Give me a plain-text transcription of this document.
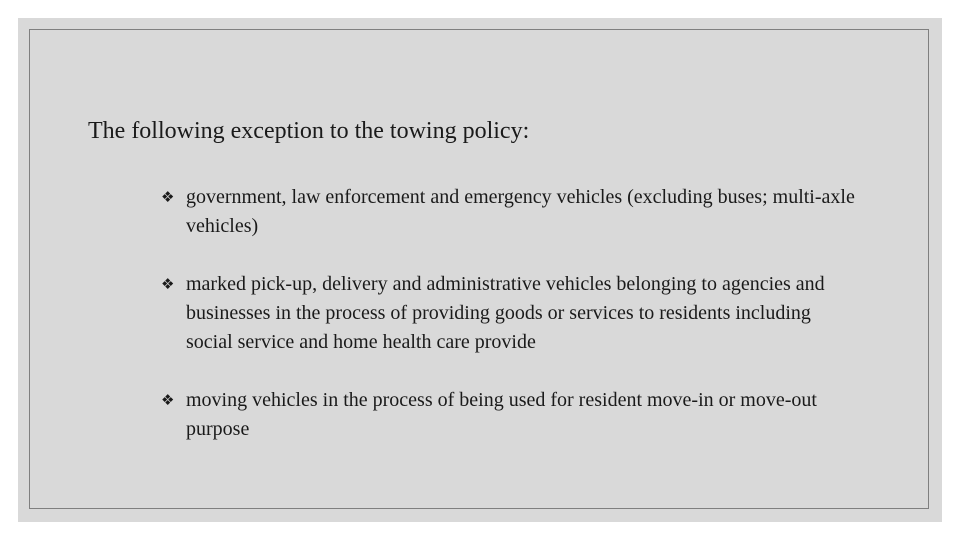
The following exception to the towing policy:
❖ government, law enforcement and emergency vehicles (excluding buses; multi-axle vehicles)
❖ marked pick-up, delivery and administrative vehicles belonging to agencies and businesses in the process of providing goods or services to residents including social service and home health care provide
❖ moving vehicles in the process of being used for resident move-in or move-out purpose
